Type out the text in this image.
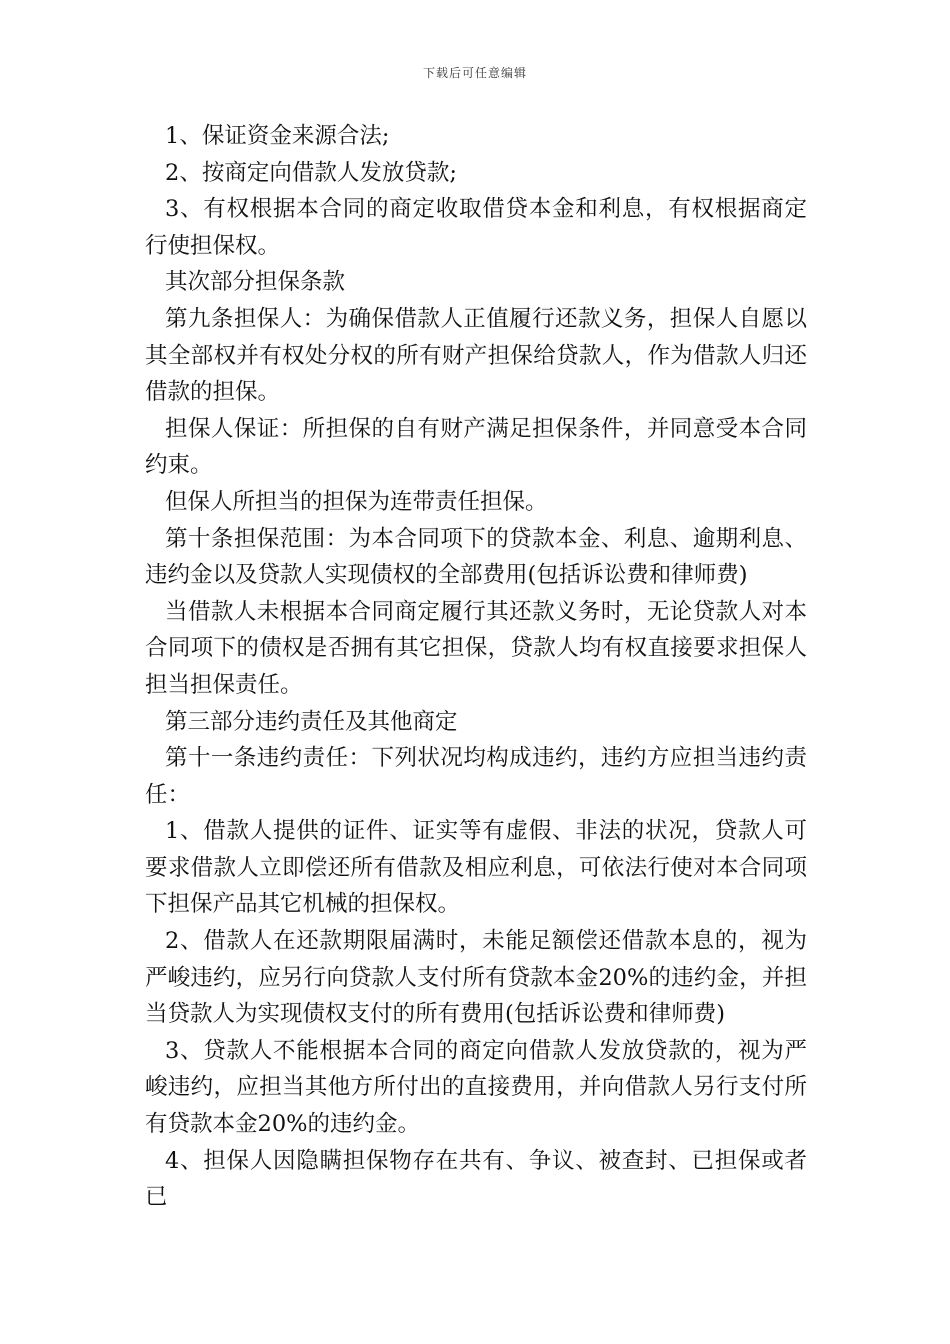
下载后可任意编辑

1、保证资金来源合法;

2、按商定向借款人发放贷款;

3、有权根据本合同的商定收取借贷本金和利息，有权根据商定行使担保权。

其次部分担保条款

第九条担保人：为确保借款人正值履行还款义务，担保人自愿以其全部权并有权处分权的所有财产担保给贷款人，作为借款人归还借款的担保。

担保人保证：所担保的自有财产满足担保条件，并同意受本合同约束。

但保人所担当的担保为连带责任担保。

第十条担保范围：为本合同项下的贷款本金、利息、逾期利息、违约金以及贷款人实现债权的全部费用(包括诉讼费和律师费)

当借款人未根据本合同商定履行其还款义务时，无论贷款人对本合同项下的债权是否拥有其它担保，贷款人均有权直接要求担保人担当担保责任。

第三部分违约责任及其他商定

第十一条违约责任：下列状况均构成违约，违约方应担当违约责任：

1、借款人提供的证件、证实等有虚假、非法的状况，贷款人可要求借款人立即偿还所有借款及相应利息，可依法行使对本合同项下担保产品其它机械的担保权。

2、借款人在还款期限届满时，未能足额偿还借款本息的，视为严峻违约，应另行向贷款人支付所有贷款本金20%的违约金，并担当贷款人为实现债权支付的所有费用(包括诉讼费和律师费)

3、贷款人不能根据本合同的商定向借款人发放贷款的，视为严峻违约，应担当其他方所付出的直接费用，并向借款人另行支付所有贷款本金20%的违约金。

4、担保人因隐瞒担保物存在共有、争议、被查封、已担保或者已
